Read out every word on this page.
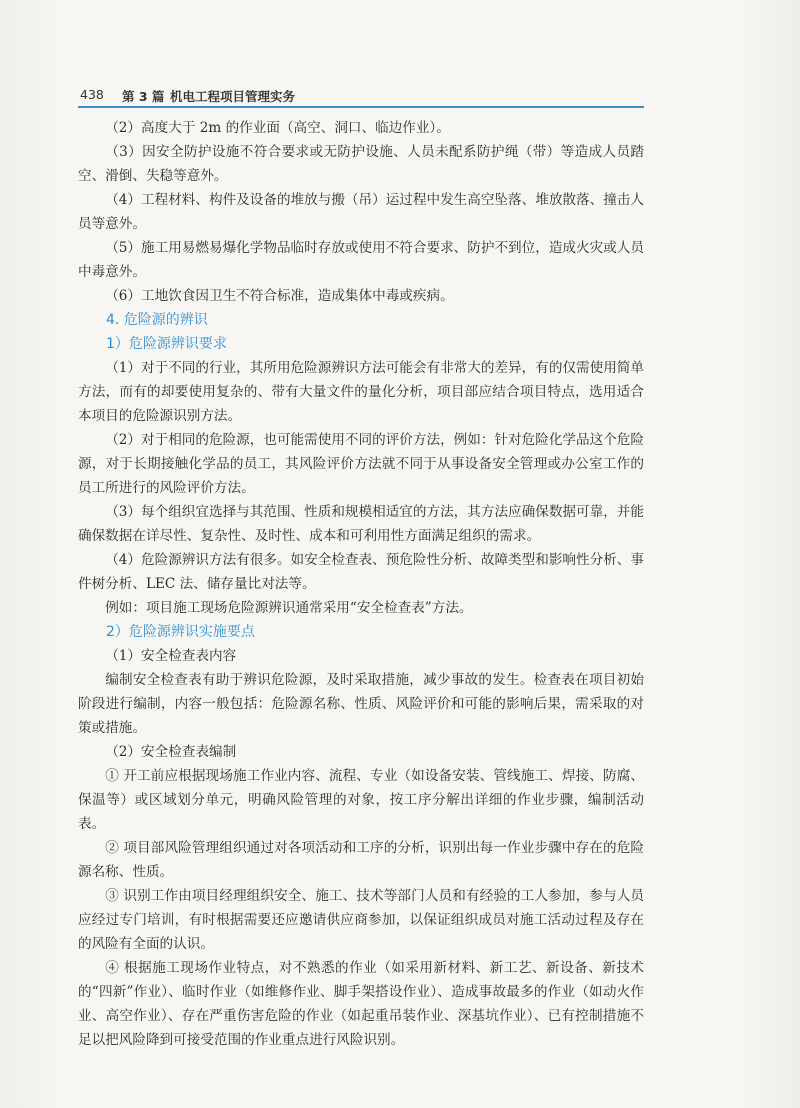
438 第 3 篇 机电工程项目管理实务

（2）高度大于 2m 的作业面（高空、洞口、临边作业）。

（3）因安全防护设施不符合要求或无防护设施、人员未配系防护绳（带）等造成人员踏空、滑倒、失稳等意外。

（4）工程材料、构件及设备的堆放与搬（吊）运过程中发生高空坠落、堆放散落、撞击人员等意外。

（5）施工用易燃易爆化学物品临时存放或使用不符合要求、防护不到位，造成火灾或人员中毒意外。

（6）工地饮食因卫生不符合标准，造成集体中毒或疾病。

4. 危险源的辨识
1）危险源辨识要求

（1）对于不同的行业，其所用危险源辨识方法可能会有非常大的差异，有的仅需使用简单方法，而有的却要使用复杂的、带有大量文件的量化分析，项目部应结合项目特点，选用适合本项目的危险源识别方法。

（2）对于相同的危险源，也可能需使用不同的评价方法，例如：针对危险化学品这个危险源，对于长期接触化学品的员工，其风险评价方法就不同于从事设备安全管理或办公室工作的员工所进行的风险评价方法。

（3）每个组织宜选择与其范围、性质和规模相适宜的方法，其方法应确保数据可靠，并能确保数据在详尽性、复杂性、及时性、成本和可利用性方面满足组织的需求。

（4）危险源辨识方法有很多。如安全检查表、预危险性分析、故障类型和影响性分析、事件树分析、LEC 法、储存量比对法等。

例如：项目施工现场危险源辨识通常采用“安全检查表”方法。

2）危险源辨识实施要点

（1）安全检查表内容

编制安全检查表有助于辨识危险源，及时采取措施，减少事故的发生。检查表在项目初始阶段进行编制，内容一般包括：危险源名称、性质、风险评价和可能的影响后果，需采取的对策或措施。

（2）安全检查表编制

① 开工前应根据现场施工作业内容、流程、专业（如设备安装、管线施工、焊接、防腐、保温等）或区域划分单元，明确风险管理的对象，按工序分解出详细的作业步骤，编制活动表。

② 项目部风险管理组织通过对各项活动和工序的分析，识别出每一作业步骤中存在的危险源名称、性质。

③ 识别工作由项目经理组织安全、施工、技术等部门人员和有经验的工人参加，参与人员应经过专门培训，有时根据需要还应邀请供应商参加，以保证组织成员对施工活动过程及存在的风险有全面的认识。

④ 根据施工现场作业特点，对不熟悉的作业（如采用新材料、新工艺、新设备、新技术的“四新”作业）、临时作业（如维修作业、脚手架搭设作业）、造成事故最多的作业（如动火作业、高空作业）、存在严重伤害危险的作业（如起重吊装作业、深基坑作业）、已有控制措施不足以把风险降到可接受范围的作业重点进行风险识别。
